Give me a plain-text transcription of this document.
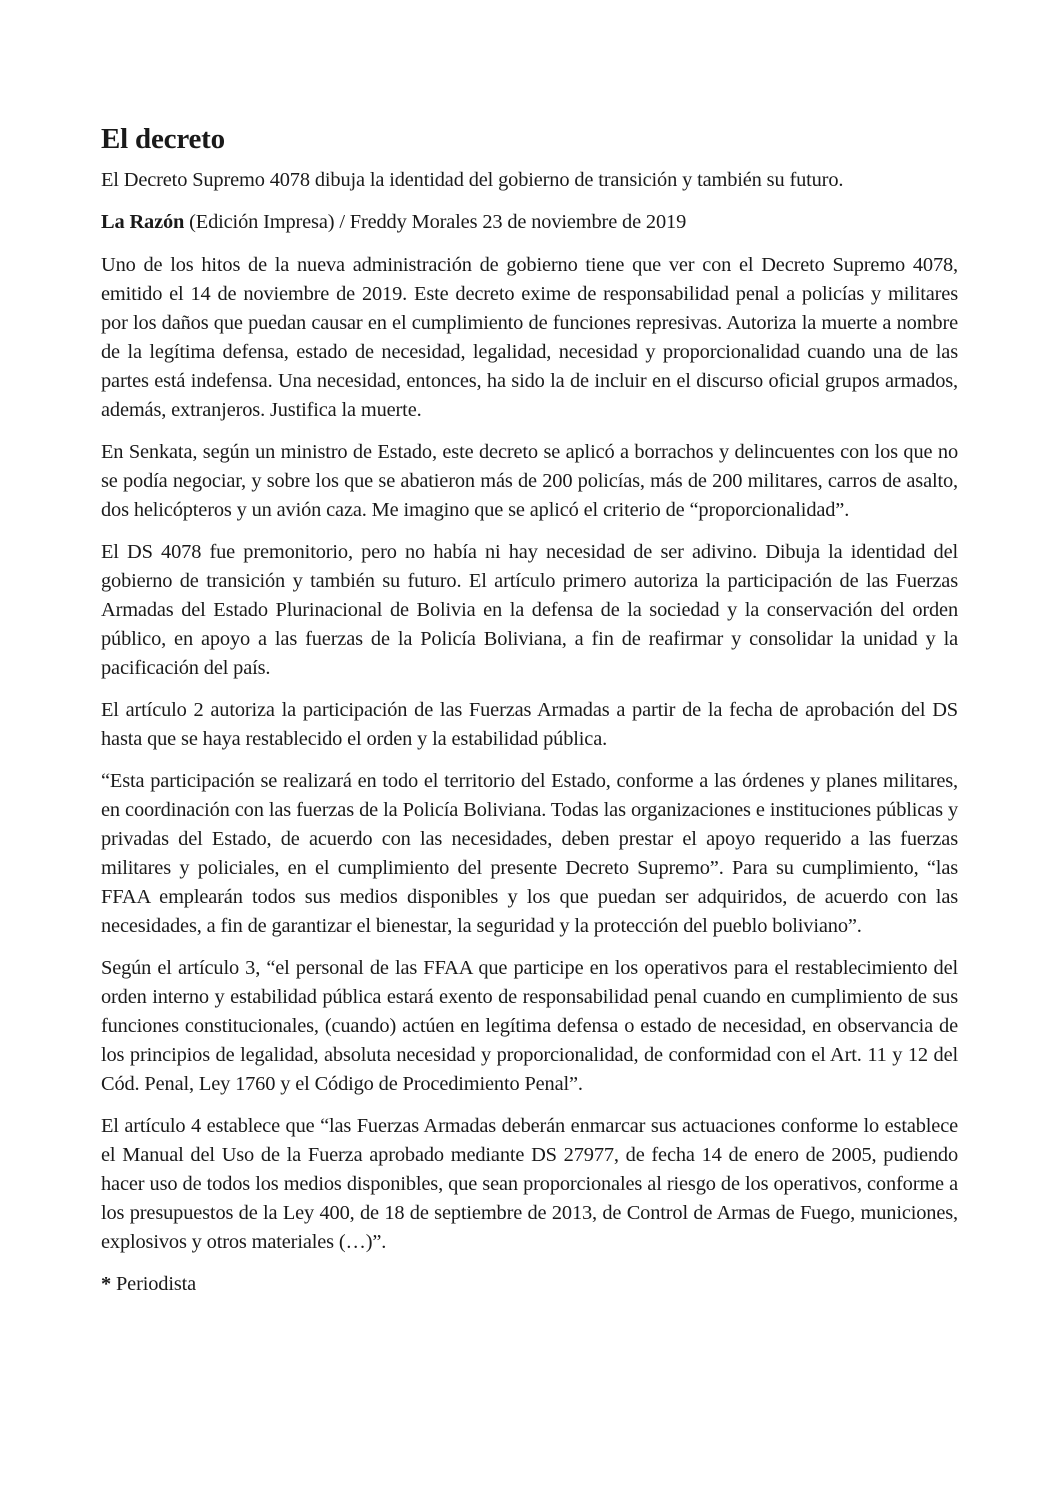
El decreto

El Decreto Supremo 4078 dibuja la identidad del gobierno de transición y también su futuro.

La Razón (Edición Impresa) / Freddy Morales 23 de noviembre de 2019

Uno de los hitos de la nueva administración de gobierno tiene que ver con el Decreto Supremo 4078, emitido el 14 de noviembre de 2019. Este decreto exime de responsabilidad penal a policías y militares por los daños que puedan causar en el cumplimiento de funciones represivas. Autoriza la muerte a nombre de la legítima defensa, estado de necesidad, legalidad, necesidad y proporcionalidad cuando una de las partes está indefensa. Una necesidad, entonces, ha sido la de incluir en el discurso oficial grupos armados, además, extranjeros. Justifica la muerte.

En Senkata, según un ministro de Estado, este decreto se aplicó a borrachos y delincuentes con los que no se podía negociar, y sobre los que se abatieron más de 200 policías, más de 200 militares, carros de asalto, dos helicópteros y un avión caza. Me imagino que se aplicó el criterio de “proporcionalidad”.

El DS 4078 fue premonitorio, pero no había ni hay necesidad de ser adivino. Dibuja la identidad del gobierno de transición y también su futuro. El artículo primero autoriza la participación de las Fuerzas Armadas del Estado Plurinacional de Bolivia en la defensa de la sociedad y la conservación del orden público, en apoyo a las fuerzas de la Policía Boliviana, a fin de reafirmar y consolidar la unidad y la pacificación del país.

El artículo 2 autoriza la participación de las Fuerzas Armadas a partir de la fecha de aprobación del DS hasta que se haya restablecido el orden y la estabilidad pública.

“Esta participación se realizará en todo el territorio del Estado, conforme a las órdenes y planes militares, en coordinación con las fuerzas de la Policía Boliviana. Todas las organizaciones e instituciones públicas y privadas del Estado, de acuerdo con las necesidades, deben prestar el apoyo requerido a las fuerzas militares y policiales, en el cumplimiento del presente Decreto Supremo”. Para su cumplimiento, “las FFAA emplearán todos sus medios disponibles y los que puedan ser adquiridos, de acuerdo con las necesidades, a fin de garantizar el bienestar, la seguridad y la protección del pueblo boliviano”.

Según el artículo 3, “el personal de las FFAA que participe en los operativos para el restablecimiento del orden interno y estabilidad pública estará exento de responsabilidad penal cuando en cumplimiento de sus funciones constitucionales, (cuando) actúen en legítima defensa o estado de necesidad, en observancia de los principios de legalidad, absoluta necesidad y proporcionalidad, de conformidad con el Art. 11 y 12 del Cód. Penal, Ley 1760 y el Código de Procedimiento Penal”.

El artículo 4 establece que “las Fuerzas Armadas deberán enmarcar sus actuaciones conforme lo establece el Manual del Uso de la Fuerza aprobado mediante DS 27977, de fecha 14 de enero de 2005, pudiendo hacer uso de todos los medios disponibles, que sean proporcionales al riesgo de los operativos, conforme a los presupuestos de la Ley 400, de 18 de septiembre de 2013, de Control de Armas de Fuego, municiones, explosivos y otros materiales (…)”.

* Periodista
